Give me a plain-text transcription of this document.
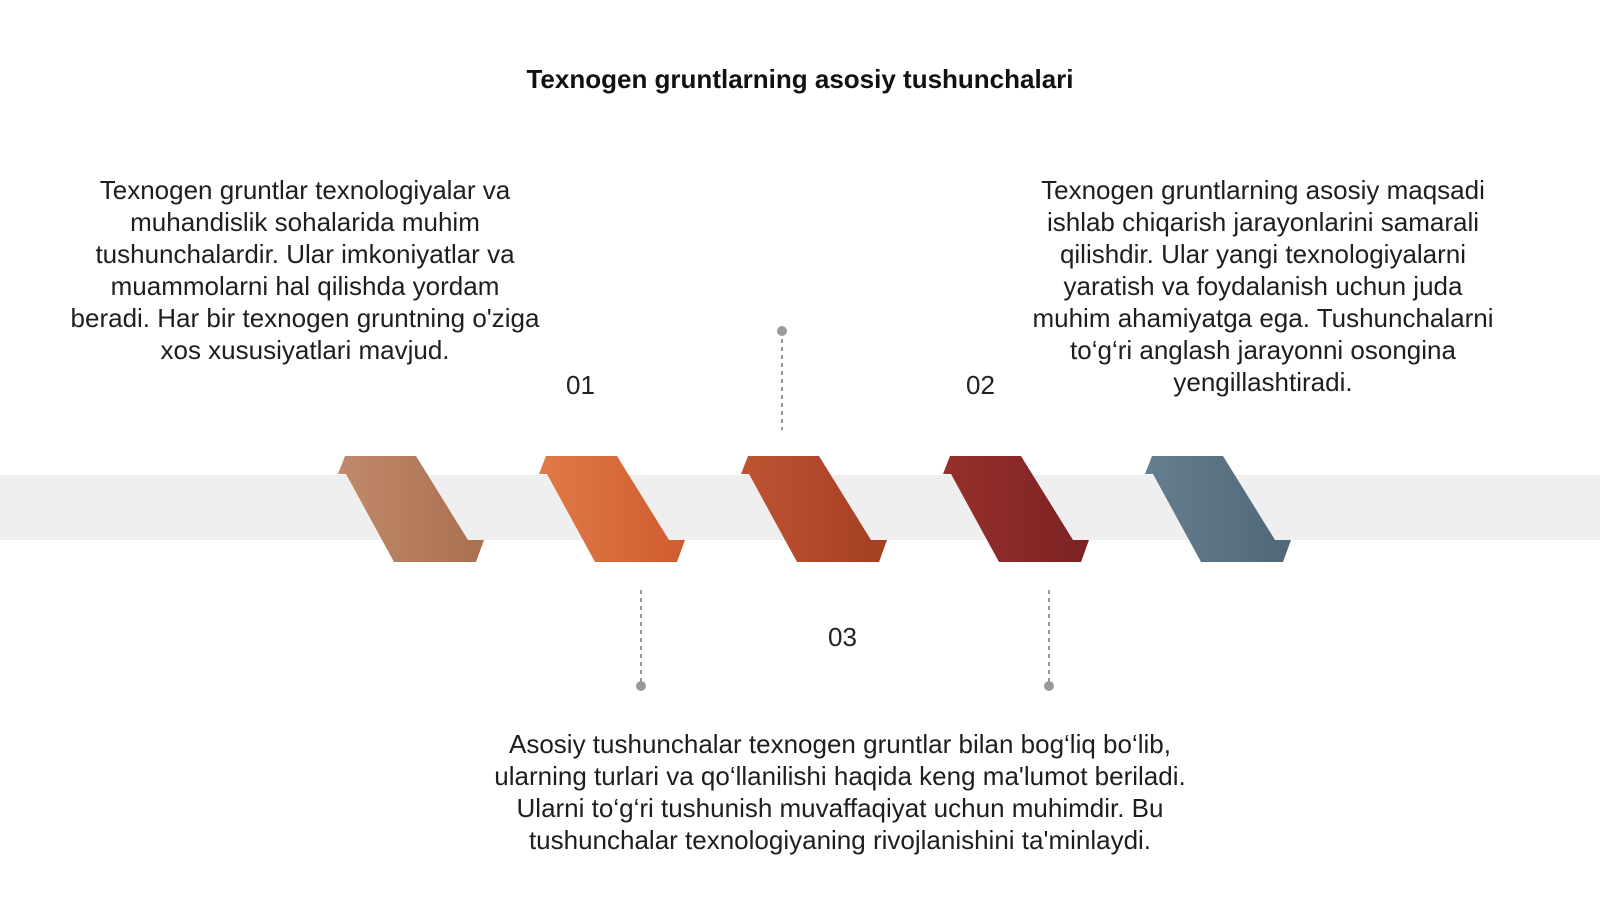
Texnogen gruntlarning asosiy tushunchalari

Texnogen gruntlar texnologiyalar va muhandislik sohalarida muhim tushunchalardir. Ular imkoniyatlar va muammolarni hal qilishda yordam beradi. Har bir texnogen gruntning o'ziga xos xususiyatlari mavjud.

Texnogen gruntlarning asosiy maqsadi ishlab chiqarish jarayonlarini samarali qilishdir. Ular yangi texnologiyalarni yaratish va foydalanish uchun juda muhim ahamiyatga ega. Tushunchalarni to‘g‘ri anglash jarayonni osongina yengillashtiradi.

Asosiy tushunchalar texnogen gruntlar bilan bog‘liq bo‘lib, ularning turlari va qo‘llanilishi haqida keng ma'lumot beriladi. Ularni to‘g‘ri tushunish muvaffaqiyat uchun muhimdir. Bu tushunchalar texnologiyaning rivojlanishini ta'minlaydi.

01	02
03
